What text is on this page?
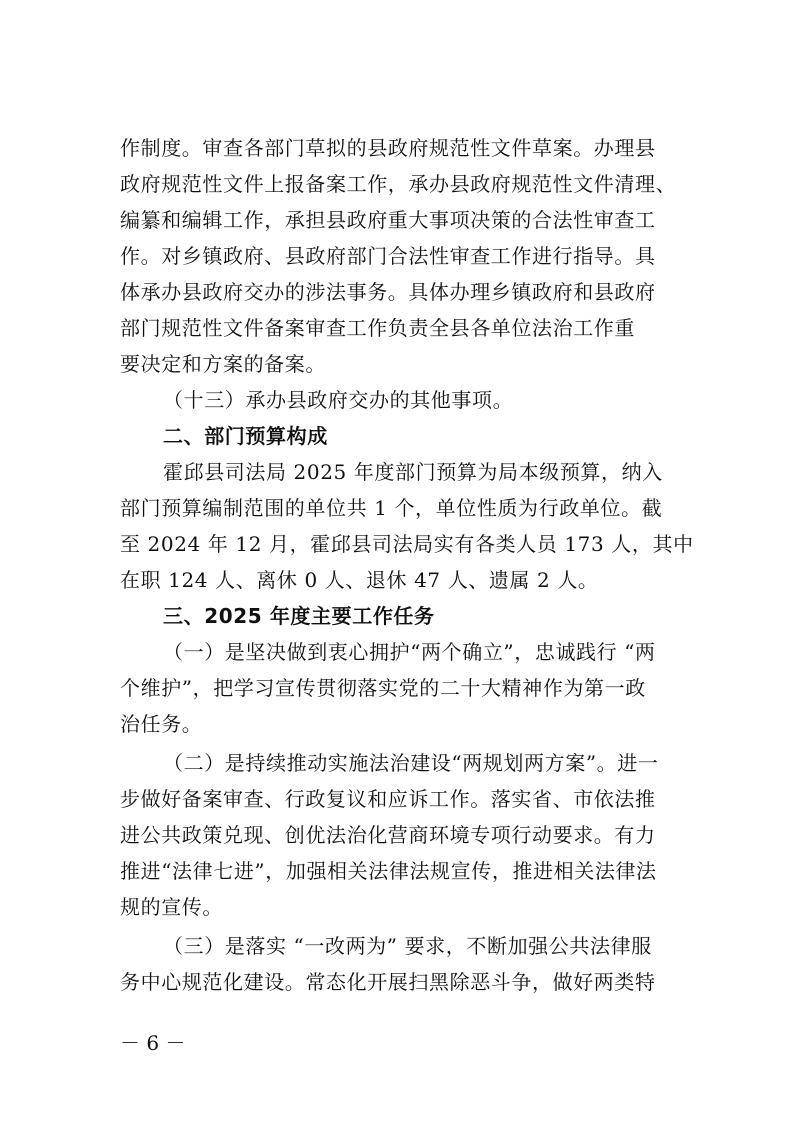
作制度。审查各部门草拟的县政府规范性文件草案。办理县
政府规范性文件上报备案工作，承办县政府规范性文件清理、
编纂和编辑工作，承担县政府重大事项决策的合法性审查工
作。对乡镇政府、县政府部门合法性审查工作进行指导。具
体承办县政府交办的涉法事务。具体办理乡镇政府和县政府
部门规范性文件备案审查工作负责全县各单位法治工作重
要决定和方案的备案。
（十三）承办县政府交办的其他事项。
二、部门预算构成
霍邱县司法局 2025 年度部门预算为局本级预算，纳入
部门预算编制范围的单位共 1 个，单位性质为行政单位。截
至 2024 年 12 月，霍邱县司法局实有各类人员 173 人，其中
在职 124 人、离休 0 人、退休 47 人、遗属 2 人。
三、2025 年度主要工作任务
（一）是坚决做到衷心拥护“两个确立”，忠诚践行 “两
个维护”，把学习宣传贯彻落实党的二十大精神作为第一政
治任务。
（二）是持续推动实施法治建设“两规划两方案”。进一
步做好备案审查、行政复议和应诉工作。落实省、市依法推
进公共政策兑现、创优法治化营商环境专项行动要求。有力
推进“法律七进”，加强相关法律法规宣传，推进相关法律法
规的宣传。
（三）是落实 “一改两为” 要求，不断加强公共法律服
务中心规范化建设。常态化开展扫黑除恶斗争，做好两类特
－ 6 －
